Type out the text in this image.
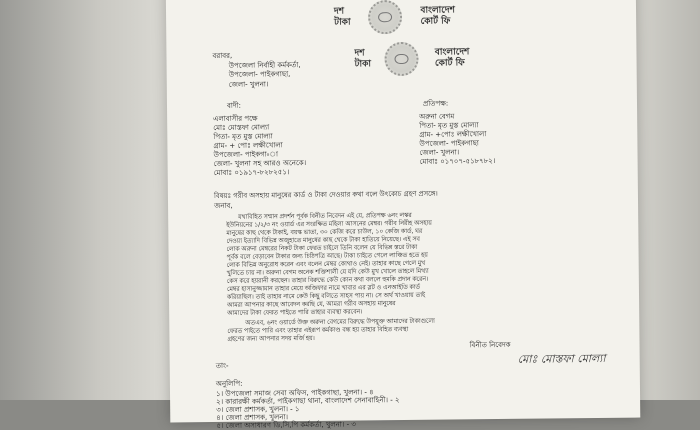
দশ
টাকা
বাংলাদেশ
কোর্ট ফি
দশ
টাকা
বাংলাদেশ
কোর্ট ফি
বরাবর,
উপজেলা নির্বাহী কর্মকর্তা,
উপজেলা- পাইকগাছা,
জেলা- খুলনা।
বাদী:
এলাবাসীর পক্ষে
মোঃ মোস্তফা মোল্যা
পিতা- মৃত মুস্ত মোল্যা
গ্রাম- + পোঃ লক্ষীখোলা
উপজেলা- পাইকগা৹া
জেলা- খুলনা সহ আরও অনেকে।
মোবাঃ ০১৯১৭-৮২৮২৫১।
প্রতিপক্ষ:
অরুনা বেগম
পিতা- মৃত মুস্ত মোল্যা
গ্রাম- +পোঃ লক্ষীখোলা
উপজেলা- পাইকগাছা
জেলা- খুলনা।
মোবাঃ ০১৭০৭-৫১৮৭৮২।
বিষয়ঃ গরীব অসহায় মানুষের কার্ড ও টাকা দেওয়ার কথা বলে উৎকোচ গ্রহণ প্রসঙ্গে।
জনাব,
যথাবিহিত সম্মান প্রদর্শন পূর্বক বিনীত নিবেদন এই যে, প্রতিপক্ষ ৬নং লস্কর
ইউনিয়নের ১/২/৩ নং ওয়ার্ড এর সংরক্ষিত মহিলা আসনের মেম্বর। গরীব নিরীহ অসহায়
মানুষের কাছ থেকে টাকাই, বয়স্ক ভাতা, ৩০ কেজি করে চাউল, ১০ কেজি কার্ড, ঘর
দেওয়া ইত্যাদি বিভিন্ন অজুহাতে মানুষের কাছ থেকে টাকা হাতিয়ে নিয়েছে। এই সব
লোক অরুনা মেম্বরের নিকট টাকা ফেরত চাইলে তিনি বলেন যে বিভিন্ন স্তরে টাকা
পূর্বক বলে বেড়াবেন টাকার জন্য চিঠিপত্রি আছে। টাকা চাইতে গেলে লাঞ্চিত হতে হয়
লোক বিভিন্ন অনুরোধ করেন এবং বলেন মেম্বর কোথাও নেই। তাহার কাছে গেলে মুখ
খুলিতে চায় না। অরুনা বেগম অনেক শক্তিশালী যে যদি কেউ মুখ খোলে তাহলে মিথ্যা
কেস করে হয়রানী করছেন। তাহার বিরুদ্ধে কেউ কোন কথা বললে হুমকি প্রদান করেন।
মেম্বর হাসানুজ্জামান তাহার মেয়ে অজিফার নামে খাবার এর স্লট ও এনআইডি কার্ড
করিয়াছিল। তাই তাহার নামে কেউ কিছু বলিতে সাহস পায় না। সে অর্থ খাওয়ায় তাই
আমরা আপনার কাছে আবেদন করছি যে, আমরা গরীব অসহায় মানুষের
আমাদের টাকা ফেরত পাইতে পারি তাহার ব্যবস্থা করবেন।
অতএব, ৬নং ওয়ার্ডে উক্ত অরুনা বেগমের বিরুদ্ধে উপযুক্ত আমাদের টাকাগুলো
ফেরত পাইতে পারি এবং তাহার এইরূপ কর্মকাণ্ড বন্ধ হয় তাহার বিহিত ব্যবস্থা
গ্রহণের জন্য আপনার সদয় মর্জি হয়।
বিনীত নিবেদক
মোঃ মোস্তফা মোল্যা
তাং-
অনুলিপি:
১। উপজেলা সমাজ সেবা অফিস, পাইকগাছা, খুলনা। - ৪
২। কারারক্ষী কর্মকর্তা, পাইকগাছা থানা, বাংলাদেশ সেনাবাহিনী। - ২
৩। জেলা প্রশাসক, খুলনা। - ১
৪। জেলা প্রশাসক, খুলনা।
৫। জেলা অসাধারণ ডি,সি,পি কর্মকর্তা, খুলনা। - ৩
